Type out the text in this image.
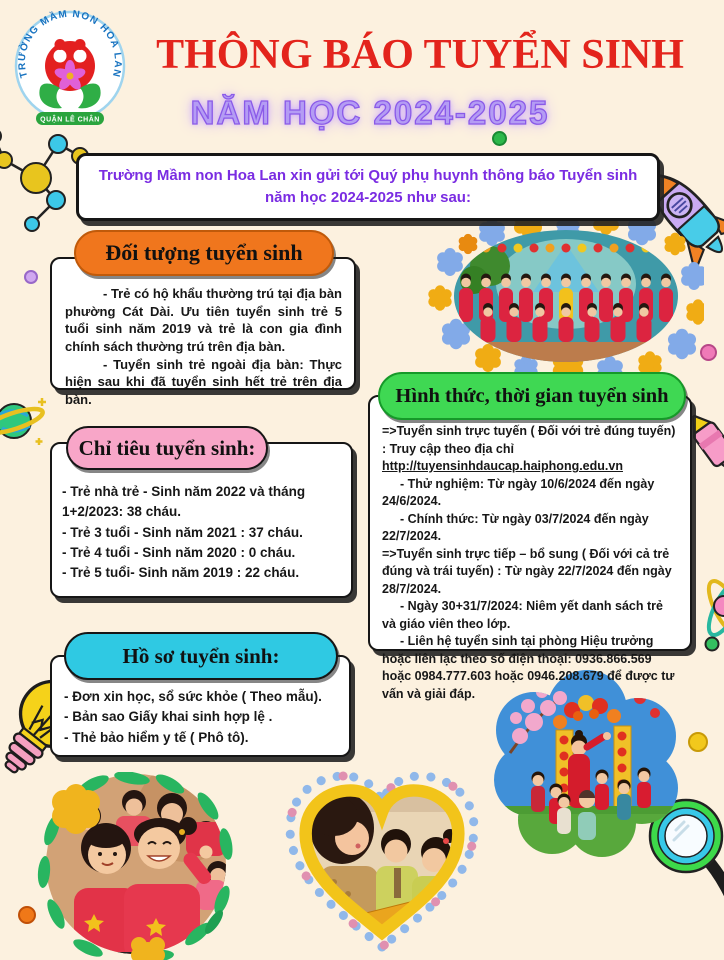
TRƯỜNG MẦM NON HOA LAN
QUẬN LÊ CHÂN
THÔNG BÁO TUYỂN SINH
NĂM HỌC 2024-2025

Trường Mầm non Hoa Lan xin gửi tới Quý phụ huynh thông báo Tuyển sinh năm học 2024-2025 như sau:

- Trẻ có hộ khẩu thường trú tại địa bàn phường Cát Dài. Ưu tiên tuyển sinh trẻ 5 tuổi sinh năm 2019 và trẻ là con gia đình chính sách thường trú trên địa bàn.

- Tuyển sinh trẻ ngoài địa bàn: Thực hiện sau khi đã tuyển sinh hết trẻ trên địa bàn.

Đối tượng tuyển sinh

=>Tuyển sinh trực tuyến ( Đối với trẻ đúng tuyến) : Truy cập theo địa chỉ

http://tuyensinhdaucap.haiphong.edu.vn

- Thử nghiệm: Từ ngày 10/6/2024 đến ngày 24/6/2024.

- Chính thức: Từ ngày 03/7/2024 đến ngày 22/7/2024.

=>Tuyển sinh trực tiếp – bổ sung ( Đối với cả trẻ đúng và trái tuyến) : Từ ngày 22/7/2024 đến ngày 28/7/2024.

- Ngày 30+31/7/2024: Niêm yết danh sách trẻ và giáo viên theo lớp.

- Liên hệ tuyển sinh tại phòng Hiệu trưởng hoặc liên lạc theo số điện thoại: 0936.866.569 hoặc 0984.777.603 hoặc 0946.208.679 để được tư vấn và giải đáp.

Hình thức, thời gian tuyển sinh

- Trẻ nhà trẻ - Sinh năm 2022 và tháng 1+2/2023: 38 cháu.

- Trẻ 3 tuổi - Sinh năm 2021 : 37 cháu.

- Trẻ 4 tuổi - Sinh năm 2020 : 0 cháu.

- Trẻ 5 tuổi- Sinh năm 2019 : 22 cháu.

Chỉ tiêu tuyển sinh:

- Đơn xin học, sổ sức khỏe ( Theo mẫu).

- Bản sao Giấy khai sinh hợp lệ .

- Thẻ bảo hiểm y tế ( Phô tô).

Hồ sơ tuyển sinh:
